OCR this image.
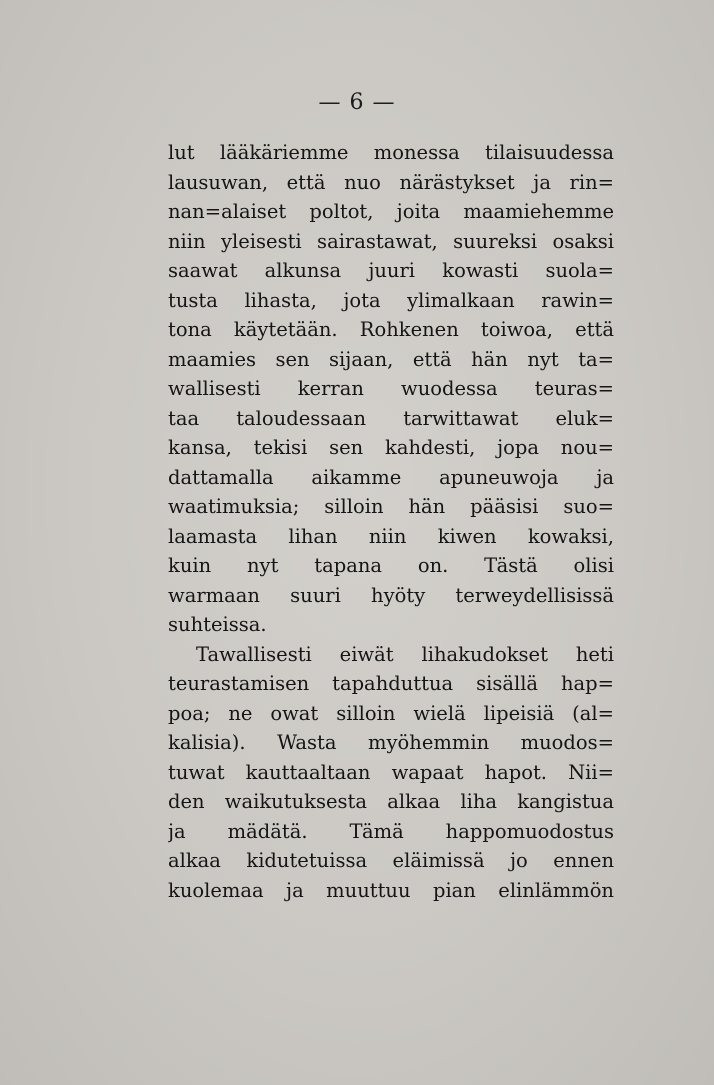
— 6 —
lut lääkäriemme monessa tilaisuudessa
lausuwan, että nuo närästykset ja rin=
nan=alaiset poltot, joita maamiehemme
niin yleisesti sairastawat, suureksi osaksi
saawat alkunsa juuri kowasti suola=
tusta lihasta, jota ylimalkaan rawin=
tona käytetään. Rohkenen toiwoa, että
maamies sen sijaan, että hän nyt ta=
wallisesti kerran wuodessa teuras=
taa taloudessaan tarwittawat eluk=
kansa, tekisi sen kahdesti, jopa nou=
dattamalla aikamme apuneuwoja ja
waatimuksia; silloin hän pääsisi suo=
laamasta lihan niin kiwen kowaksi,
kuin nyt tapana on. Tästä olisi
warmaan suuri hyöty terweydellisissä
suhteissa.
Tawallisesti eiwät lihakudokset heti
teurastamisen tapahduttua sisällä hap=
poa; ne owat silloin wielä lipeisiä (al=
kalisia). Wasta myöhemmin muodos=
tuwat kauttaaltaan wapaat hapot. Nii=
den waikutuksesta alkaa liha kangistua
ja mädätä. Tämä happomuodostus
alkaa kidutetuissa eläimissä jo ennen
kuolemaa ja muuttuu pian elinlämmön
